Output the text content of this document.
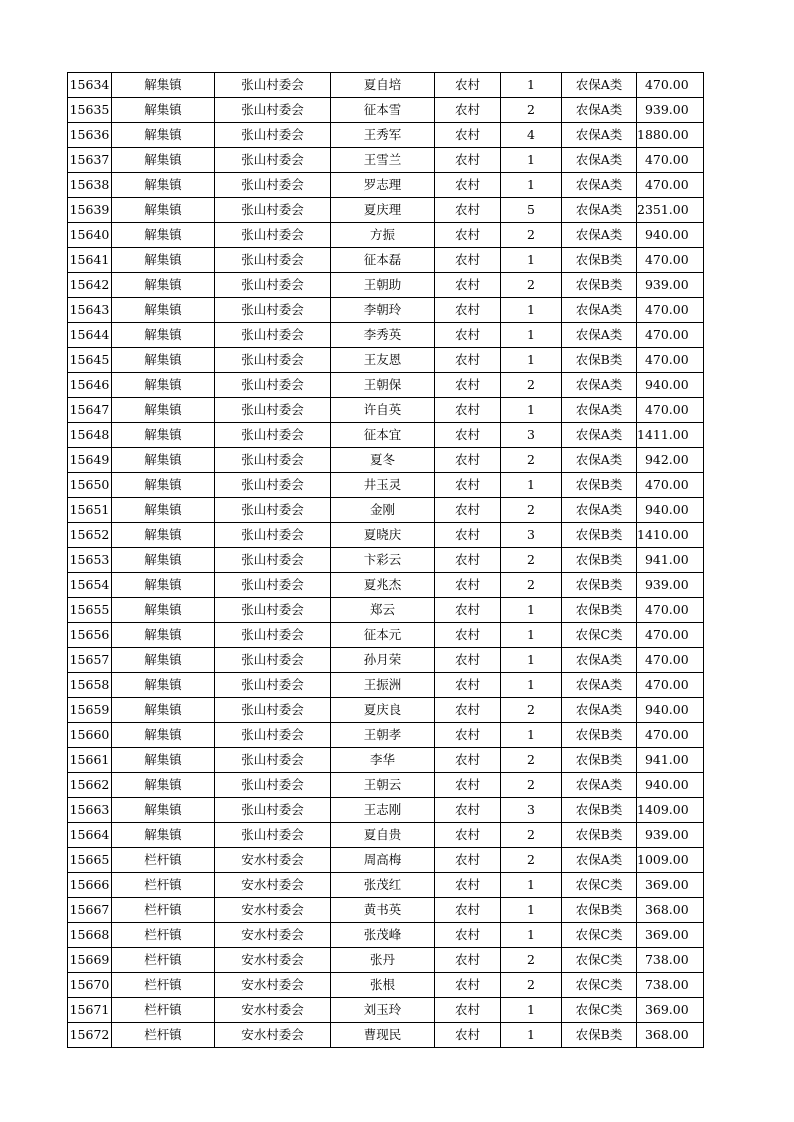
15634	解集镇	张山村委会	夏自培	农村	1	农保A类	470.00
15635	解集镇	张山村委会	征本雪	农村	2	农保A类	939.00
15636	解集镇	张山村委会	王秀军	农村	4	农保A类	1880.00
15637	解集镇	张山村委会	王雪兰	农村	1	农保A类	470.00
15638	解集镇	张山村委会	罗志理	农村	1	农保A类	470.00
15639	解集镇	张山村委会	夏庆理	农村	5	农保A类	2351.00
15640	解集镇	张山村委会	方振	农村	2	农保A类	940.00
15641	解集镇	张山村委会	征本磊	农村	1	农保B类	470.00
15642	解集镇	张山村委会	王朝助	农村	2	农保B类	939.00
15643	解集镇	张山村委会	李朝玲	农村	1	农保A类	470.00
15644	解集镇	张山村委会	李秀英	农村	1	农保A类	470.00
15645	解集镇	张山村委会	王友恩	农村	1	农保B类	470.00
15646	解集镇	张山村委会	王朝保	农村	2	农保A类	940.00
15647	解集镇	张山村委会	许自英	农村	1	农保A类	470.00
15648	解集镇	张山村委会	征本宜	农村	3	农保A类	1411.00
15649	解集镇	张山村委会	夏冬	农村	2	农保A类	942.00
15650	解集镇	张山村委会	井玉灵	农村	1	农保B类	470.00
15651	解集镇	张山村委会	金刚	农村	2	农保A类	940.00
15652	解集镇	张山村委会	夏晓庆	农村	3	农保B类	1410.00
15653	解集镇	张山村委会	卞彩云	农村	2	农保B类	941.00
15654	解集镇	张山村委会	夏兆杰	农村	2	农保B类	939.00
15655	解集镇	张山村委会	郑云	农村	1	农保B类	470.00
15656	解集镇	张山村委会	征本元	农村	1	农保C类	470.00
15657	解集镇	张山村委会	孙月荣	农村	1	农保A类	470.00
15658	解集镇	张山村委会	王振洲	农村	1	农保A类	470.00
15659	解集镇	张山村委会	夏庆良	农村	2	农保A类	940.00
15660	解集镇	张山村委会	王朝孝	农村	1	农保B类	470.00
15661	解集镇	张山村委会	李华	农村	2	农保B类	941.00
15662	解集镇	张山村委会	王朝云	农村	2	农保A类	940.00
15663	解集镇	张山村委会	王志刚	农村	3	农保B类	1409.00
15664	解集镇	张山村委会	夏自贵	农村	2	农保B类	939.00
15665	栏杆镇	安水村委会	周高梅	农村	2	农保A类	1009.00
15666	栏杆镇	安水村委会	张茂红	农村	1	农保C类	369.00
15667	栏杆镇	安水村委会	黄书英	农村	1	农保B类	368.00
15668	栏杆镇	安水村委会	张茂峰	农村	1	农保C类	369.00
15669	栏杆镇	安水村委会	张丹	农村	2	农保C类	738.00
15670	栏杆镇	安水村委会	张根	农村	2	农保C类	738.00
15671	栏杆镇	安水村委会	刘玉玲	农村	1	农保C类	369.00
15672	栏杆镇	安水村委会	曹现民	农村	1	农保B类	368.00
